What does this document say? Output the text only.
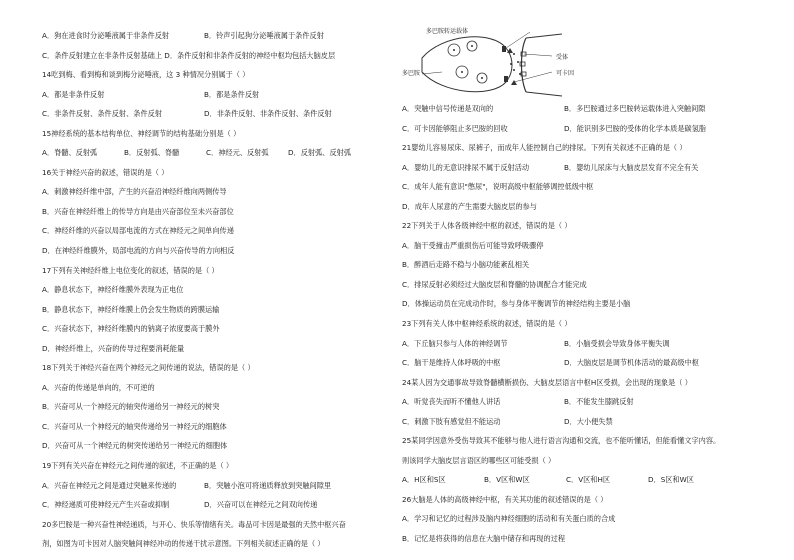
A．狗在进食时分泌唾液属于非条件反射	B．铃声引起狗分泌唾液属于条件反射
C．条件反射建立在非条件反射基础上 D．条件反射和非条件反射的神经中枢均包括大脑皮层
14吃到梅、看到梅和谈到梅分泌唾液，这 3 种情况分别属于（ ）
A．都是非条件反射	B．都是条件反射
C．非条件反射、条件反射、条件反射	D．非条件反射、非条件反射、条件反射
15神经系统的基本结构单位、神经调节的结构基础分别是（ ）
A．脊髓、反射弧	B．反射弧、脊髓	C．神经元、反射弧	D．反射弧、反射弧
16关于神经兴奋的叙述，错误的是（ ）
A．刺激神经纤维中部，产生的兴奋沿神经纤维向两侧传导
B．兴奋在神经纤维上的传导方向是由兴奋部位至未兴奋部位
C．神经纤维的兴奋以局部电流的方式在神经元之间单向传递
D．在神经纤维膜外，局部电流的方向与兴奋传导的方向相反
17下列有关神经纤维上电位变化的叙述，错误的是（ ）
A．静息状态下，神经纤维膜外表现为正电位
B．静息状态下，神经纤维膜上仍会发生物质的跨膜运输
C．兴奋状态下，神经纤维膜内的钠离子浓度要高于膜外
D．神经纤维上，兴奋的传导过程要消耗能量
18下列关于神经兴奋在两个神经元之间传递的说法，错误的是（ ）
A．兴奋的传递是单向的，不可逆的
B．兴奋可从一个神经元的轴突传递给另一神经元的树突
C．兴奋可从一个神经元的轴突传递给另一神经元的细胞体
D．兴奋可从一个神经元的树突传递给另一神经元的细胞体
19下列有关兴奋在神经元之间传递的叙述，不正确的是（ ）
A．兴奋在神经元之间是通过突触来传递的	B．突触小泡可将递质释放到突触间隙里
C．神经递质可使神经元产生兴奋或抑制	D．兴奋可以在神经元之间双向传递
20多巴胺是一种兴奋性神经递质，与开心、快乐等情绪有关。毒品可卡因是最强的天然中枢兴奋
剂，如图为可卡因对人脑突触间神经冲动的传递干扰示意图。下列相关叙述正确的是（ ）
多巴胺转运载体
多巴胺
受体
可卡因
A．突触中信号传递是双向的	B．多巴胺通过多巴胺转运载体进入突触间隙
C．可卡因能够阻止多巴胺的回收	D．能识别多巴胺的受体的化学本质是碳氢脂
21婴幼儿容易尿床、尿裤子，而成年人能控制自己的排尿。下列有关叙述不正确的是（ ）
A．婴幼儿的无意识排尿不属于反射活动	B．婴幼儿尿床与大脑皮层发育不完全有关
C．成年人能有意识"憋尿"，说明高级中枢能够调控低级中枢
D．成年人尿意的产生需要大脑皮层的参与
22下列关于人体各级神经中枢的叙述，错误的是（ ）
A．脑干受撞击严重损伤后可能导致呼吸骤停
B．醉酒后走路不稳与小脑功能紊乱相关
C．排尿反射必须经过大脑皮层和脊髓的协调配合才能完成
D．体操运动员在完成动作时，参与身体平衡调节的神经结构主要是小脑
23下列有关人体中枢神经系统的叙述，错误的是（ ）
A．下丘脑只参与人体的神经调节	B．小脑受损会导致身体平衡失调
C．脑干是维持人体呼吸的中枢	D．大脑皮层是调节机体活动的最高级中枢
24某人因为交通事故导致脊髓横断损伤、大脑皮层语言中枢H区受损，会出现的现象是（ ）
A．听觉丧失而听不懂他人讲话	B．不能发生膝跳反射
C．刺激下肢有感觉但不能运动	D．大小便失禁
25某同学因意外受伤导致其不能够与他人进行语言沟通和交流，也不能听懂话，但能看懂文字内容。
则该同学大脑皮层言语区的哪些区可能受损（ ）
A．H区和S区	B．V区和W区	C．V区和H区	D．S区和W区
26大脑是人体的高级神经中枢，有关其功能的叙述错误的是（ ）
A．学习和记忆的过程涉及脑内神经细胞的活动和有关蛋白质的合成
B．记忆是将获得的信息在大脑中储存和再现的过程
